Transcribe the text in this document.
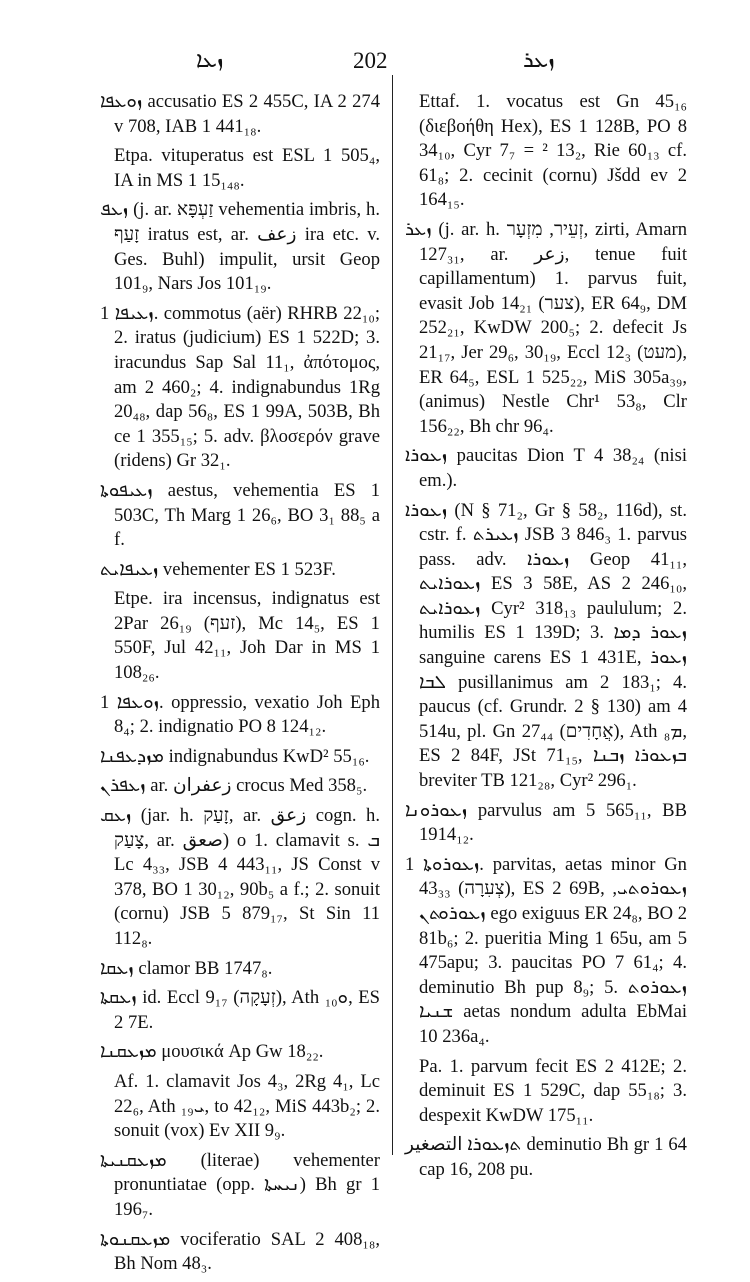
ܙܥܐ	202	ܙܥܪ

ܙܘܥܦܐ accusatio ES 2 455C, IA 2 274 v 708, IAB 1 441₁₈.

Etpa. vituperatus est ESL 1 505₄, IA in MS 1 15₁₄₈.

ܙܥܦ (j. ar. זַעְפָּא vehementia imbris, h. זָעַף iratus est, ar. زعف ira etc. v. Ges. Buhl) impulit, ursit Geop 101₉, Nars Jos 101₁₉.

ܙܥܝܦܐ 1. commotus (aër) RHRB 22₁₀; 2. iratus (judicium) ES 1 522D; 3. iracundus Sap Sal 11₁, ἀπότομος, am 2 460₂; 4. indignabundus 1Rg 20₄₈, dap 56₈, ES 1 99A, 503B, Bh ce 1 355₁₅; 5. adv. βλοσερόν grave (ridens) Gr 32₁.

ܙܥܝܦܘܬܐ aestus, vehementia ES 1 503C, Th Marg 1 26₆, BO 3₁ 88₅ a f.

ܙܥܝܦܐܝܬ vehementer ES 1 523F.

Etpe. ira incensus, indignatus est 2Par 26₁₉ (זעף), Mc 14₅, ES 1 550F, Jul 42₁₁, Joh Dar in MS 1 108₂₆.

ܙܘܥܦܐ 1. oppressio, vexatio Joh Eph 8₄; 2. indignatio PO 8 124₁₂.

ܡܙܕܥܦܢܐ indignabundus KwD² 55₁₆.

ܙܥܦܪܢ ar. زعفران crocus Med 358₅.

ܙܥܩ (jar. h. זָעַק, ar. زعق cogn. h. צָעַק, ar. صعق) o 1. clamavit s. ܒ Lc 4₃₃, JSB 4 443₁₁, JS Const v 378, BO 1 30₁₂, 90b₅ a f.; 2. sonuit (cornu) JSB 5 879₁₇, St Sin 11 112₈.

ܙܥܩܐ clamor BB 1747₈.

ܙܥܩܬܐ id. Eccl 9₁₇ (זְעָקָה), Ath ܘ₁₀, ES 2 7E.

ܡܙܥܩܢܐ μουσικά Ap Gw 18₂₂.

Af. 1. clamavit Jos 4₃, 2Rg 4₁, Lc 22₆, Ath ܝ₁₉, to 42₁₂, MiS 443b₂; 2. sonuit (vox) Ev XII 9₉.

ܡܙܥܩܢܝܬܐ (literae) vehementer pronuntiatae (opp. ܢܝܚܬܐ) Bh gr 1 196₇.

ܡܙܥܩܢܘܬܐ vociferatio SAL 2 408₁₈, Bh Nom 48₃.

Ettaf. 1. vocatus est Gn 45₁₆ (διεβοήθη Hex), ES 1 128B, PO 8 34₁₀, Cyr 7₇ = ² 13₂, Rie 60₁₃ cf. 61₈; 2. cecinit (cornu) Jšdd ev 2 164₁₅.

ܙܥܪ (j. ar. h. זְעֵיר, מִזְעָר, zirti, Amarn 127₃₁, ar. زعر, tenue fuit capillamentum) 1. parvus fuit, evasit Job 14₂₁ (צער), ER 64₉, DM 252₂₁, KwDW 200₅; 2. defecit Js 21₁₇, Jer 29₆, 30₁₉, Eccl 12₃ (מעט), ER 64₅, ESL 1 525₂₂, MiS 305a₃₉, (animus) Nestle Chr¹ 53₈, Clr 156₂₂, Bh chr 96₄.

ܙܥܘܪܐ paucitas Dion T 4 38₂₄ (nisi em.).

ܙܥܘܪܐ (N § 71₂, Gr § 58₂, 116d), st. cstr. f. ܙܥܝܪܬ JSB 3 846₃ 1. parvus pass. adv. ܙܥܘܪܐ Geop 41₁₁, ܙܥܘܪܐܝܬ ES 3 58E, AS 2 246₁₀, ܙܥܘܪܐܝܬ Cyr² 318₁₃ paululum; 2. humilis ES 1 139D; 3. ܙܥܘܪ ܕܡܐ sanguine carens ES 1 431E, ܙܥܘܪ ܠܒܐ pusillanimus am 2 183₁; 4. paucus (cf. Grundr. 2 § 130) am 4 514u, pl. Gn 27₄₄ (אֲחָדִים), Ath ܡ₈, ES 2 84F, JSt 71₁₅, ܒܙܥܘܪܐ ܙܒܢܐ breviter TB 121₂₈, Cyr² 296₁.

ܙܥܘܪܘܢܐ parvulus am 5 565₁₁, BB 1914₁₂.

ܙܥܘܪܘܬܐ 1. parvitas, aetas minor Gn 43₃₃ (צְעִרָה), ES 2 69B, ܙܥܘܪܘܬܝ, ܙܥܘܪܘܬܢ ego exiguus ER 24₈, BO 2 81b₆; 2. pueritia Ming 1 65u, am 5 475apu; 3. paucitas PO 7 61₄; 4. deminutio Bh pup 8₉; 5. ܙܥܘܪܘܬ ܫܢܝܐ aetas nondum adulta EbMai 10 236a₄.

Pa. 1. parvum fecit ES 2 412E; 2. deminuit ES 1 529C, dap 55₁₈; 3. despexit KwDW 175₁₁.

ܬܙܥܘܪܐ التصغير deminutio Bh gr 1 64 cap 16, 208 pu.
